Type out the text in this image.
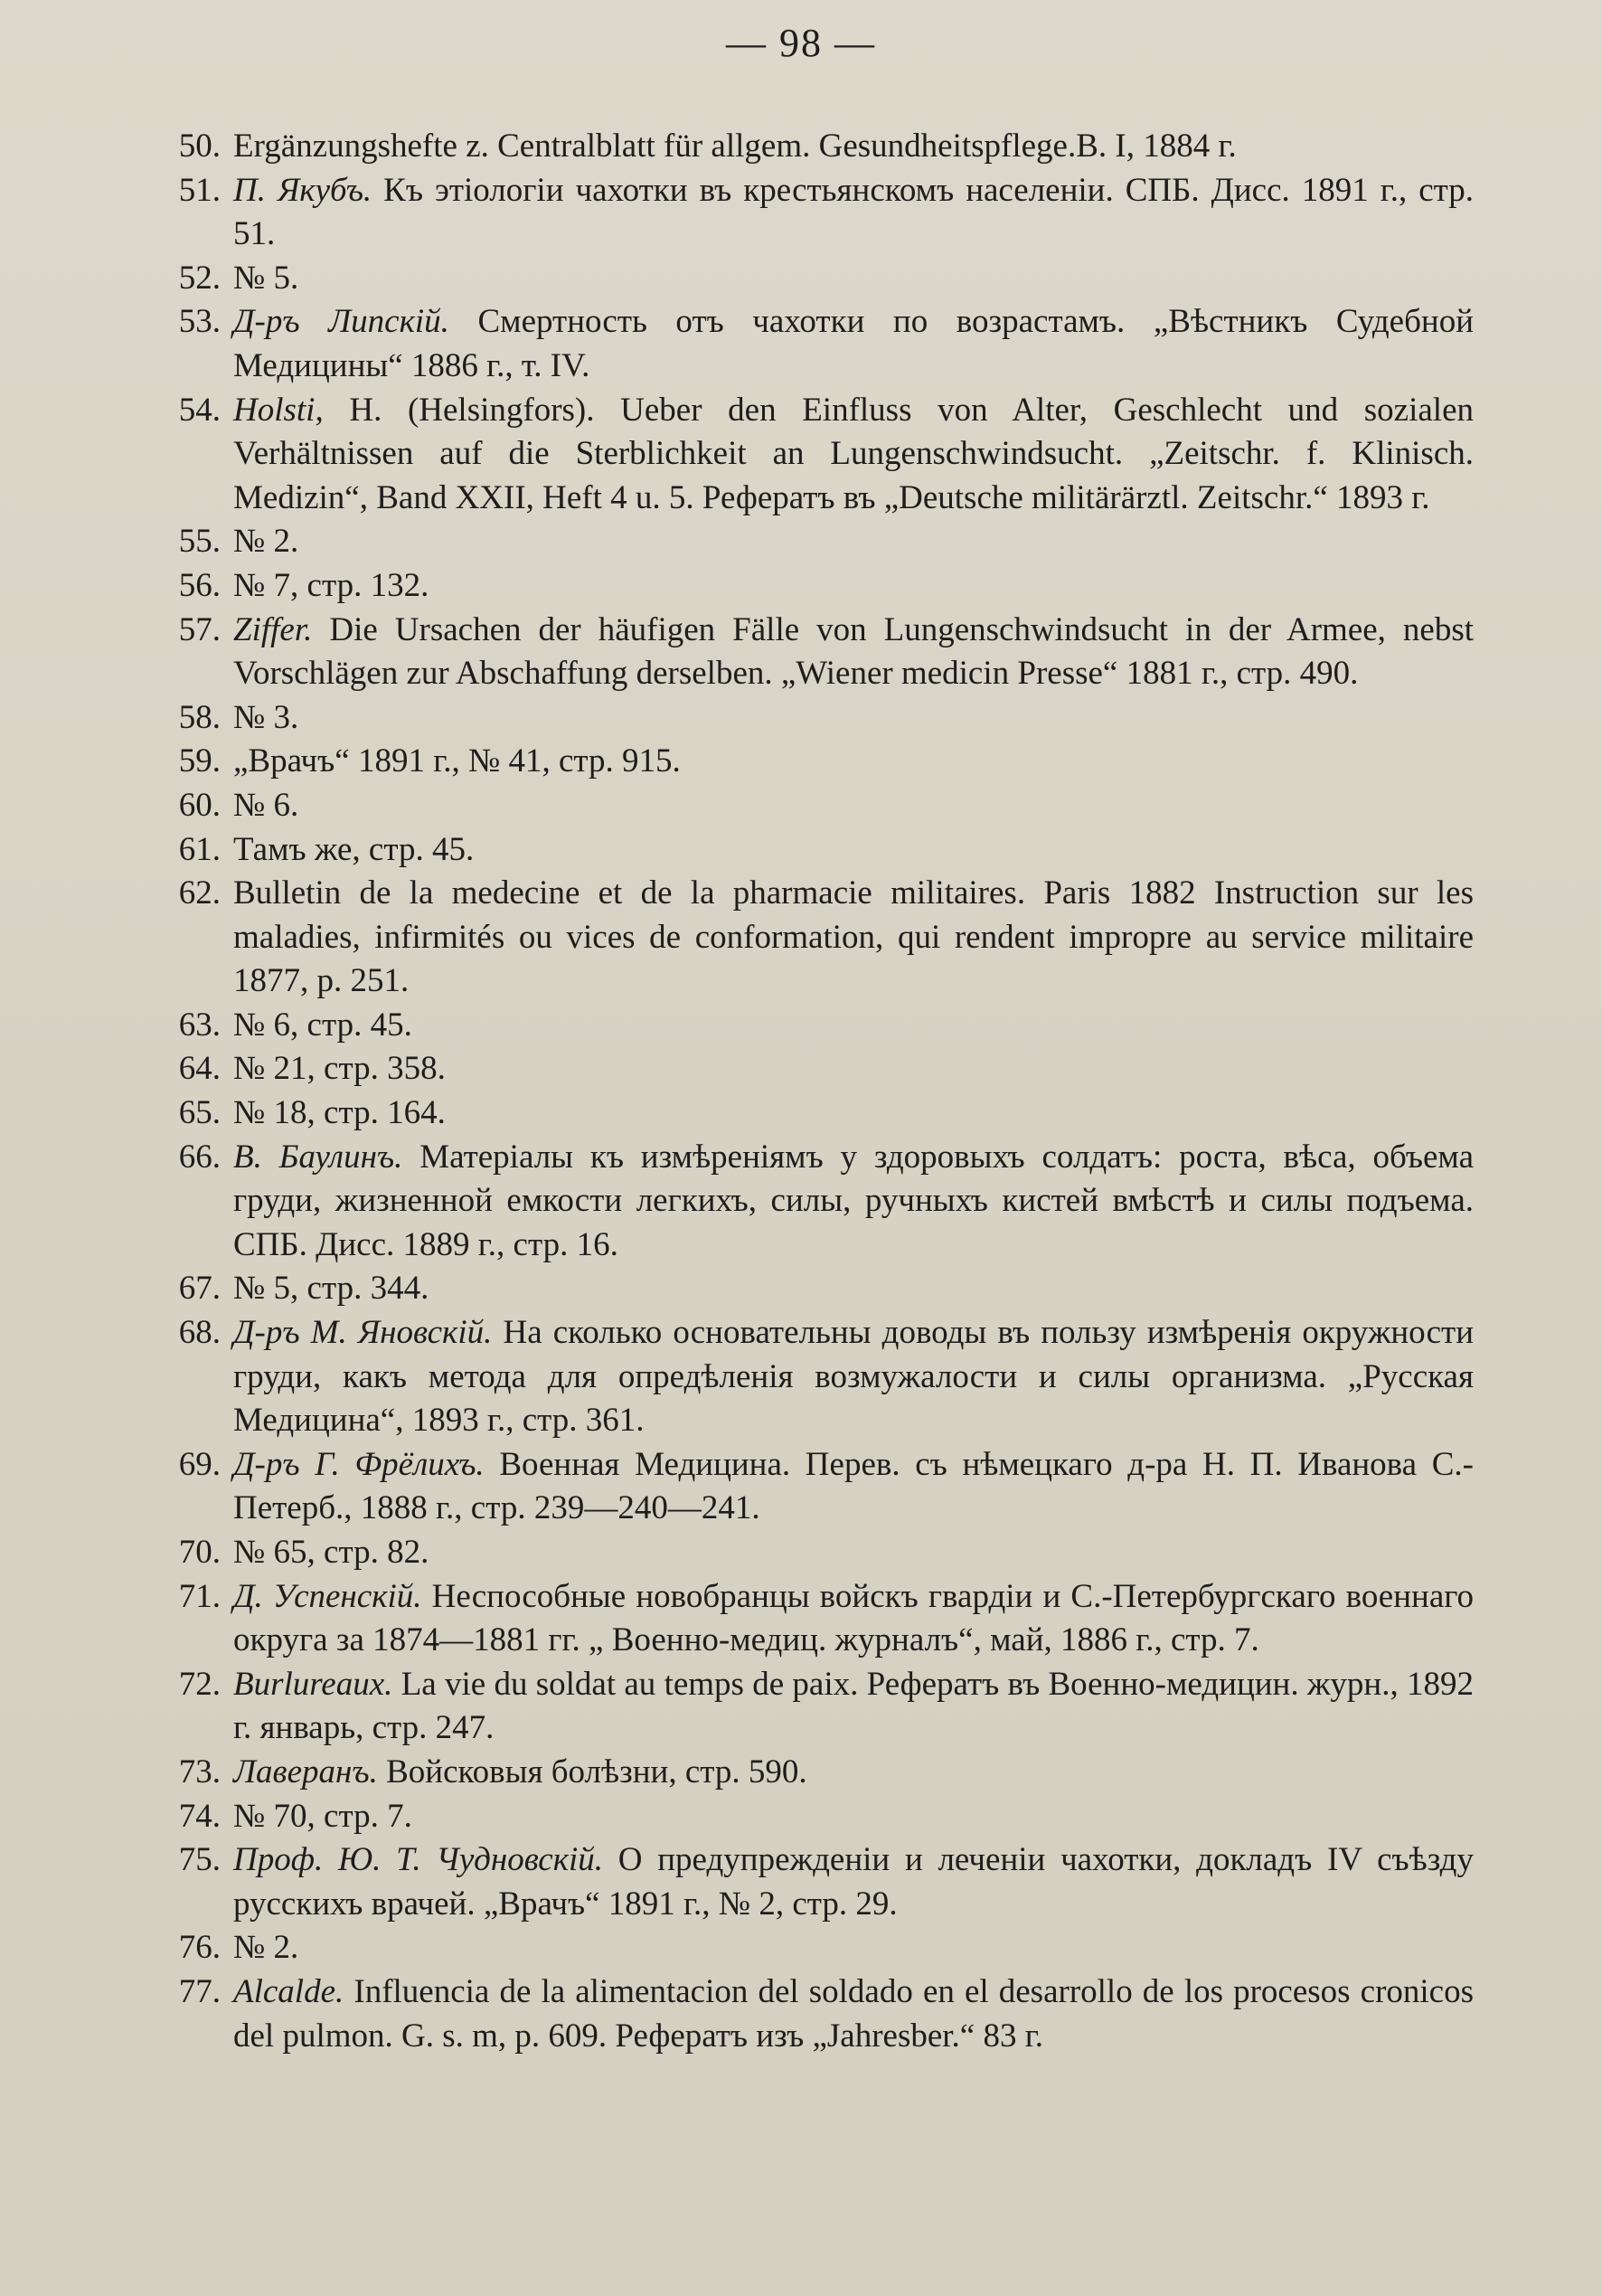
— 98 —
50. Ergänzungshefte z. Centralblatt für allgem. Gesundheitspflege.B. I, 1884 г.
51. П. Якубъ. Къ этіологіи чахотки въ крестьянскомъ населеніи. СПБ. Дисс. 1891 г., стр. 51.
52. № 5.
53. Д-ръ Липскій. Смертность отъ чахотки по возрастамъ. „Вѣстникъ Судебной Медицины“ 1886 г., т. IV.
54. Holsti, H. (Helsingfors). Ueber den Einfluss von Alter, Geschlecht und sozialen Verhältnissen auf die Sterblichkeit an Lungenschwindsucht. „Zeitschr. f. Klinisch. Medizin“, Band XXII, Heft 4 u. 5. Рефератъ въ „Deutsche militärärztl. Zeitschr.“ 1893 г.
55. № 2.
56. № 7, стр. 132.
57. Ziffer. Die Ursachen der häufigen Fälle von Lungenschwindsucht in der Armee, nebst Vorschlägen zur Abschaffung derselben. „Wiener medicin Presse“ 1881 г., стр. 490.
58. № 3.
59. „Врачъ“ 1891 г., № 41, стр. 915.
60. № 6.
61. Тамъ же, стр. 45.
62. Bulletin de la medecine et de la pharmacie militaires. Paris 1882 Instruction sur les maladies, infirmités ou vices de conformation, qui rendent impropre au service militaire 1877, p. 251.
63. № 6, стр. 45.
64. № 21, стр. 358.
65. № 18, стр. 164.
66. В. Баулинъ. Матеріалы къ измѣреніямъ у здоровыхъ солдатъ: роста, вѣса, объема груди, жизненной емкости легкихъ, силы, ручныхъ кистей вмѣстѣ и силы подъема. СПБ. Дисс. 1889 г., стр. 16.
67. № 5, стр. 344.
68. Д-ръ М. Яновскій. На сколько основательны доводы въ пользу измѣренія окружности груди, какъ метода для опредѣленія возмужалости и силы организма. „Русская Медицина“, 1893 г., стр. 361.
69. Д-ръ Г. Фрёлихъ. Военная Медицина. Перев. съ нѣмецкаго д-ра Н. П. Иванова С.-Петерб., 1888 г., стр. 239—240—241.
70. № 65, стр. 82.
71. Д. Успенскій. Неспособные новобранцы войскъ гвардіи и С.-Петербургскаго военнаго округа за 1874—1881 гг. „ Военно-медиц. журналъ“, май, 1886 г., стр. 7.
72. Burlureaux. La vie du soldat au temps de paix. Рефератъ въ Военно-медицин. журн., 1892 г. январь, стр. 247.
73. Лаверанъ. Войсковыя болѣзни, стр. 590.
74. № 70, стр. 7.
75. Проф. Ю. Т. Чудновскій. О предупрежденіи и леченіи чахотки, докладъ IV съѣзду русскихъ врачей. „Врачъ“ 1891 г., № 2, стр. 29.
76. № 2.
77. Alcalde. Influencia de la alimentacion del soldado en el desarrollo de los procesos cronicos del pulmon. G. s. m, p. 609. Рефератъ изъ „Jahresber.“ 83 г.
